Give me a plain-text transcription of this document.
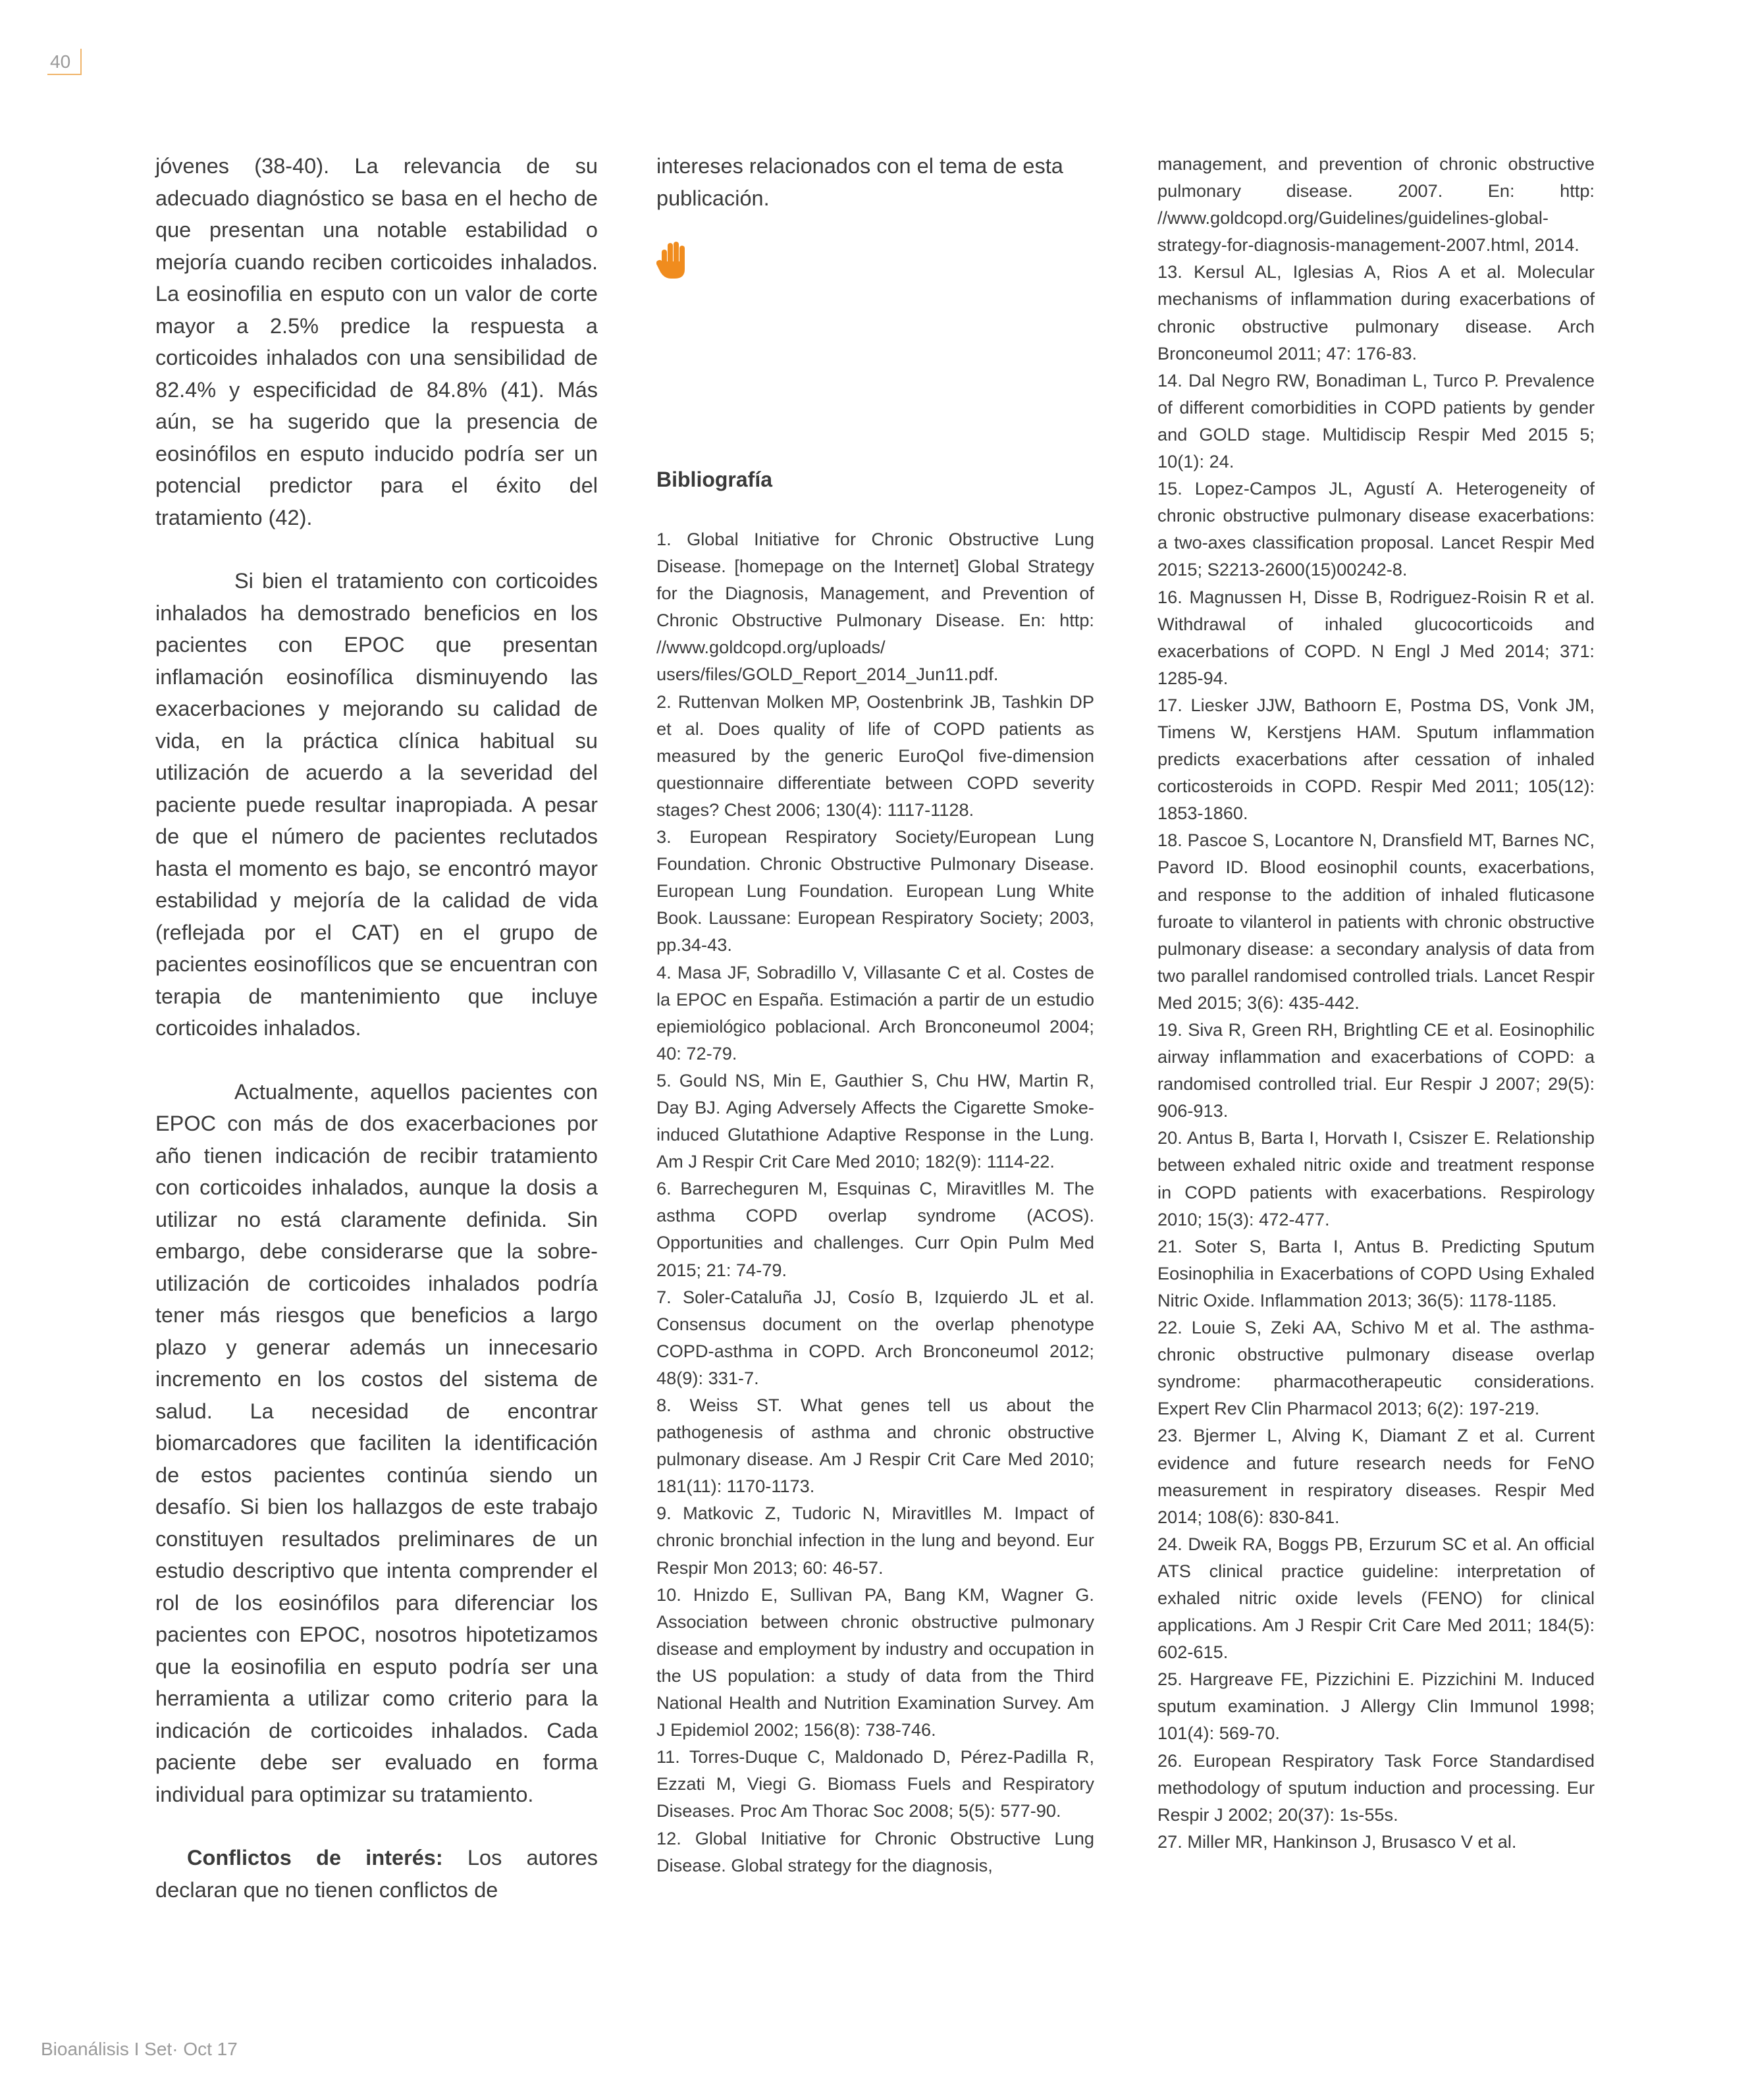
40

jóvenes (38-40). La relevancia de su adecuado diagnóstico se basa en el hecho de que presentan una notable estabilidad o mejoría cuando reciben corticoides inhalados. La eosinofilia en esputo con un valor de corte mayor a 2.5% predice la respuesta a corticoides inhalados con una sensibilidad de 82.4% y especificidad de 84.8% (41). Más aún, se ha sugerido que la presencia de eosinófilos en esputo inducido podría ser un potencial predictor para el éxito del tratamiento (42).

Si bien el tratamiento con corticoides inhalados ha demostrado beneficios en los pacientes con EPOC que presentan inflamación eosinofílica disminuyendo las exacerbaciones y mejorando su calidad de vida, en la práctica clínica habitual su utilización de acuerdo a la severidad del paciente puede resultar inapropiada. A pesar de que el número de pacientes reclutados hasta el momento es bajo, se encontró mayor estabilidad y mejoría de la calidad de vida (reflejada por el CAT) en el grupo de pacientes eosinofílicos que se encuentran con terapia de mantenimiento que incluye corticoides inhalados.

Actualmente, aquellos pacientes con EPOC con más de dos exacerbaciones por año tienen indicación de recibir tratamiento con corticoides inhalados, aunque la dosis a utilizar no está claramente definida. Sin embargo, debe considerarse que la sobre-utilización de corticoides inhalados podría tener más riesgos que beneficios a largo plazo y generar además un innecesario incremento en los costos del sistema de salud. La necesidad de encontrar biomarcadores que faciliten la identificación de estos pacientes continúa siendo un desafío. Si bien los hallazgos de este trabajo constituyen resultados preliminares de un estudio descriptivo que intenta comprender el rol de los eosinófilos para diferenciar los pacientes con EPOC, nosotros hipotetizamos que la eosinofilia en esputo podría ser una herramienta a utilizar como criterio para la indicación de corticoides inhalados. Cada paciente debe ser evaluado en forma individual para optimizar su tratamiento.

Conflictos de interés: Los autores declaran que no tienen conflictos de

intereses relacionados con el tema de esta publicación.

Bibliografía

1. Global Initiative for Chronic Obstructive Lung Disease. [homepage on the Internet] Global Strategy for the Diagnosis, Management, and Prevention of Chronic Obstructive Pulmonary Disease. En: http: //www.goldcopd.org/uploads/ users/files/GOLD_Report_2014_Jun11.pdf.

2. Ruttenvan Molken MP, Oostenbrink JB, Tashkin DP et al. Does quality of life of COPD patients as measured by the generic EuroQol five-dimension questionnaire differentiate between COPD severity stages? Chest 2006; 130(4): 1117-1128.

3. European Respiratory Society/European Lung Foundation. Chronic Obstructive Pulmonary Disease. European Lung Foundation. European Lung White Book. Laussane: European Respiratory Society; 2003, pp.34-43.

4. Masa JF, Sobradillo V, Villasante C et al. Costes de la EPOC en España. Estimación a partir de un estudio epiemiológico poblacional. Arch Bronconeumol 2004; 40: 72-79.

5. Gould NS, Min E, Gauthier S, Chu HW, Martin R, Day BJ. Aging Adversely Affects the Cigarette Smoke-induced Glutathione Adaptive Response in the Lung. Am J Respir Crit Care Med 2010; 182(9): 1114-22.

6. Barrecheguren M, Esquinas C, Miravitlles M. The asthma COPD overlap syndrome (ACOS). Opportunities and challenges. Curr Opin Pulm Med 2015; 21: 74-79.

7. Soler-Cataluña JJ, Cosío B, Izquierdo JL et al. Consensus document on the overlap phenotype COPD-asthma in COPD. Arch Bronconeumol 2012; 48(9): 331-7.

8. Weiss ST. What genes tell us about the pathogenesis of asthma and chronic obstructive pulmonary disease. Am J Respir Crit Care Med 2010; 181(11): 1170-1173.

9. Matkovic Z, Tudoric N, Miravitlles M. Impact of chronic bronchial infection in the lung and beyond. Eur Respir Mon 2013; 60: 46-57.

10. Hnizdo E, Sullivan PA, Bang KM, Wagner G. Association between chronic obstructive pulmonary disease and employment by industry and occupation in the US population: a study of data from the Third National Health and Nutrition Examination Survey. Am J Epidemiol 2002; 156(8): 738-746.

11. Torres-Duque C, Maldonado D, Pérez-Padilla R, Ezzati M, Viegi G. Biomass Fuels and Respiratory Diseases. Proc Am Thorac Soc 2008; 5(5): 577-90.

12. Global Initiative for Chronic Obstructive Lung Disease. Global strategy for the diagnosis,

management, and prevention of chronic obstructive pulmonary disease. 2007. En: http: //www.goldcopd.org/Guidelines/guidelines-global-strategy-for-diagnosis-management-2007.html, 2014.

13. Kersul AL, Iglesias A, Rios A et al. Molecular mechanisms of inflammation during exacerbations of chronic obstructive pulmonary disease. Arch Bronconeumol 2011; 47: 176-83.

14. Dal Negro RW, Bonadiman L, Turco P. Prevalence of different comorbidities in COPD patients by gender and GOLD stage. Multidiscip Respir Med 2015 5; 10(1): 24.

15. Lopez-Campos JL, Agustí A. Heterogeneity of chronic obstructive pulmonary disease exacerbations: a two-axes classification proposal. Lancet Respir Med 2015; S2213-2600(15)00242-8.

16. Magnussen H, Disse B, Rodriguez-Roisin R et al. Withdrawal of inhaled glucocorticoids and exacerbations of COPD. N Engl J Med 2014; 371: 1285-94.

17. Liesker JJW, Bathoorn E, Postma DS, Vonk JM, Timens W, Kerstjens HAM. Sputum inflammation predicts exacerbations after cessation of inhaled corticosteroids in COPD. Respir Med 2011; 105(12): 1853-1860.

18. Pascoe S, Locantore N, Dransfield MT, Barnes NC, Pavord ID. Blood eosinophil counts, exacerbations, and response to the addition of inhaled fluticasone furoate to vilanterol in patients with chronic obstructive pulmonary disease: a secondary analysis of data from two parallel randomised controlled trials. Lancet Respir Med 2015; 3(6): 435-442.

19. Siva R, Green RH, Brightling CE et al. Eosinophilic airway inflammation and exacerbations of COPD: a randomised controlled trial. Eur Respir J 2007; 29(5): 906-913.

20. Antus B, Barta I, Horvath I, Csiszer E. Relationship between exhaled nitric oxide and treatment response in COPD patients with exacerbations. Respirology 2010; 15(3): 472-477.

21. Soter S, Barta I, Antus B. Predicting Sputum Eosinophilia in Exacerbations of COPD Using Exhaled Nitric Oxide. Inflammation 2013; 36(5): 1178-1185.

22. Louie S, Zeki AA, Schivo M et al. The asthma-chronic obstructive pulmonary disease overlap syndrome: pharmacotherapeutic considerations. Expert Rev Clin Pharmacol 2013; 6(2): 197-219.

23. Bjermer L, Alving K, Diamant Z et al. Current evidence and future research needs for FeNO measurement in respiratory diseases. Respir Med 2014; 108(6): 830-841.

24. Dweik RA, Boggs PB, Erzurum SC et al. An official ATS clinical practice guideline: interpretation of exhaled nitric oxide levels (FENO) for clinical applications. Am J Respir Crit Care Med 2011; 184(5): 602-615.

25. Hargreave FE, Pizzichini E. Pizzichini M. Induced sputum examination. J Allergy Clin Immunol 1998; 101(4): 569-70.

26. European Respiratory Task Force Standardised methodology of sputum induction and processing. Eur Respir J 2002; 20(37): 1s-55s.

27. Miller MR, Hankinson J, Brusasco V et al.

Bioanálisis I Set· Oct 17
